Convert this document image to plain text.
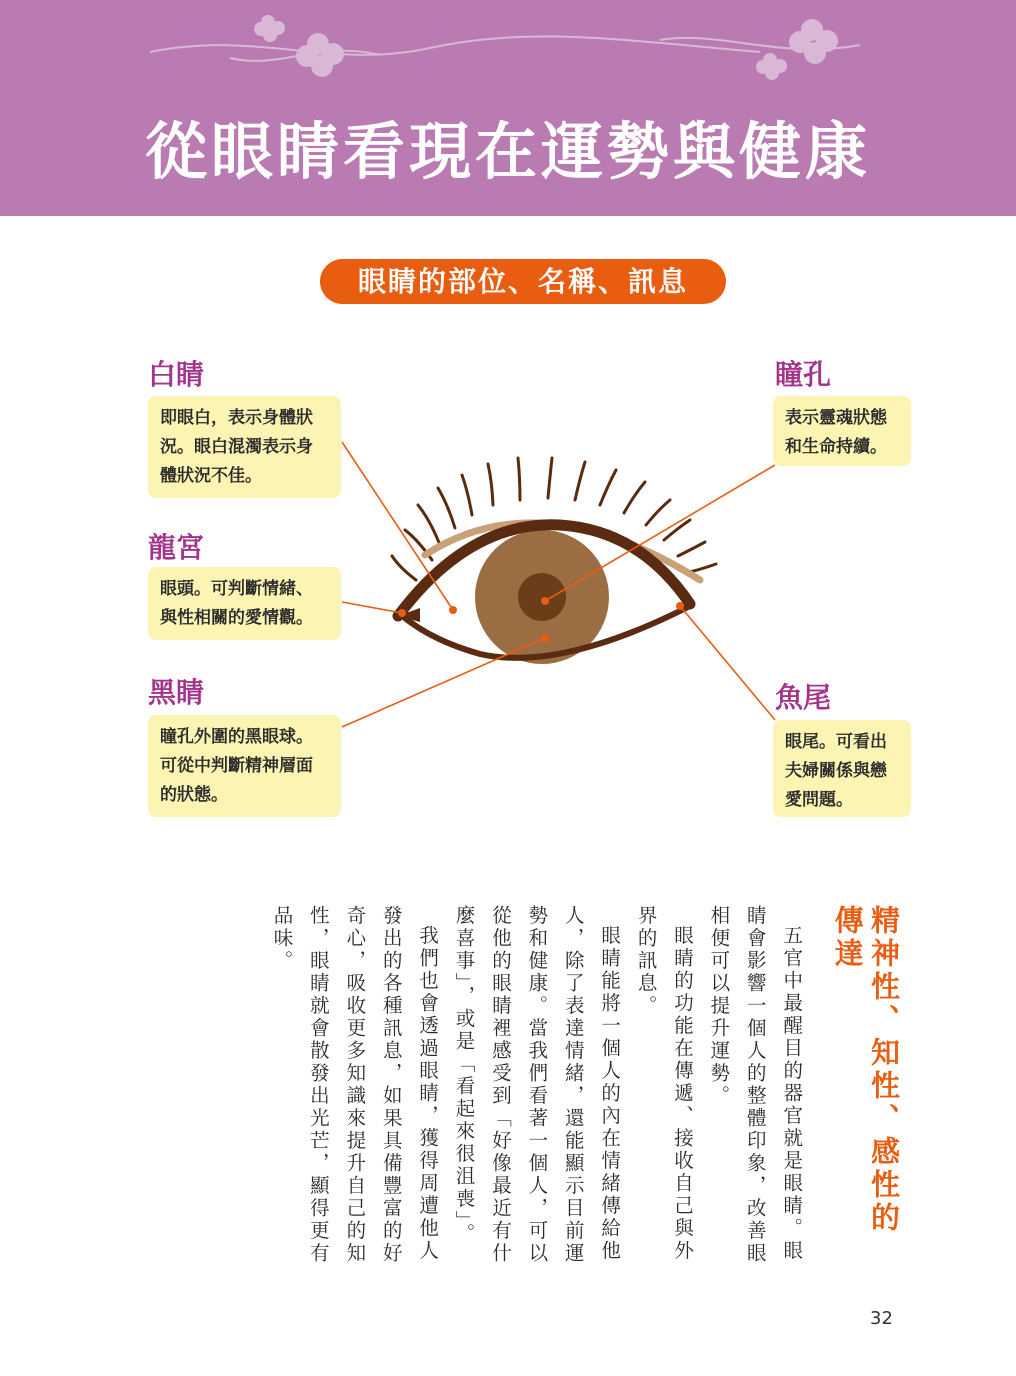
從眼睛看現在運勢與健康
眼睛的部位、名稱、訊息
白睛
即眼白，表示身體狀況。眼白混濁表示身體狀況不佳。
龍宮
眼頭。可判斷情緒、與性相關的愛情觀。
黑睛
瞳孔外圍的黑眼球。可從中判斷精神層面的狀態。
瞳孔
表示靈魂狀態和生命持續。
魚尾
眼尾。可看出夫婦關係與戀愛問題。
精神性、知性、感性的傳達

五官中最醒目的器官就是眼睛。眼睛會影響一個人的整體印象，改善眼相便可以提升運勢。

眼睛的功能在傳遞、接收自己與外界的訊息。

眼睛能將一個人的內在情緒傳給他人，除了表達情緒，還能顯示目前運勢和健康。當我們看著一個人，可以從他的眼睛裡感受到「好像最近有什麼喜事」，或是「看起來很沮喪」。

我們也會透過眼睛，獲得周遭他人發出的各種訊息，如果具備豐富的好奇心，吸收更多知識來提升自己的知性，眼睛就會散發出光芒，顯得更有品味。

32
